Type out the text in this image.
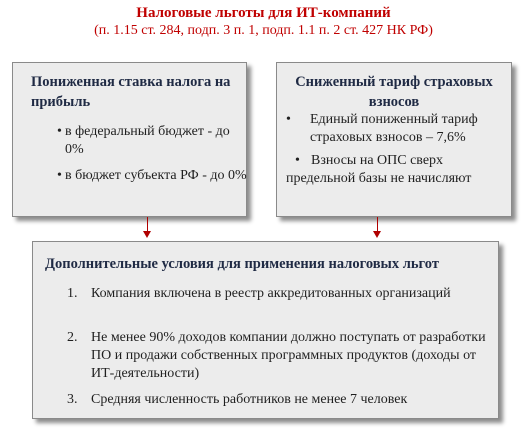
Налоговые льготы для ИТ-компаний
(п. 1.15 ст. 284, подп. 3 п. 1, подп. 1.1 п. 2 ст. 427 НК РФ)
Пониженная ставка налога на прибыль
• в федеральный бюджет - до 0%
• в бюджет субъекта РФ - до 0%
Сниженный тариф страховых взносов
•	Единый пониженный тариф страховых взносов – 7,6%
• Взносы на ОПС сверх предельной базы не начисляют
Дополнительные условия для применения налоговых льгот
1. Компания включена в реестр аккредитованных организаций
2. Не менее 90% доходов компании должно поступать от разработки ПО и продажи собственных программных продуктов (доходы от ИТ-деятельности)
3. Средняя численность работников не менее 7 человек
